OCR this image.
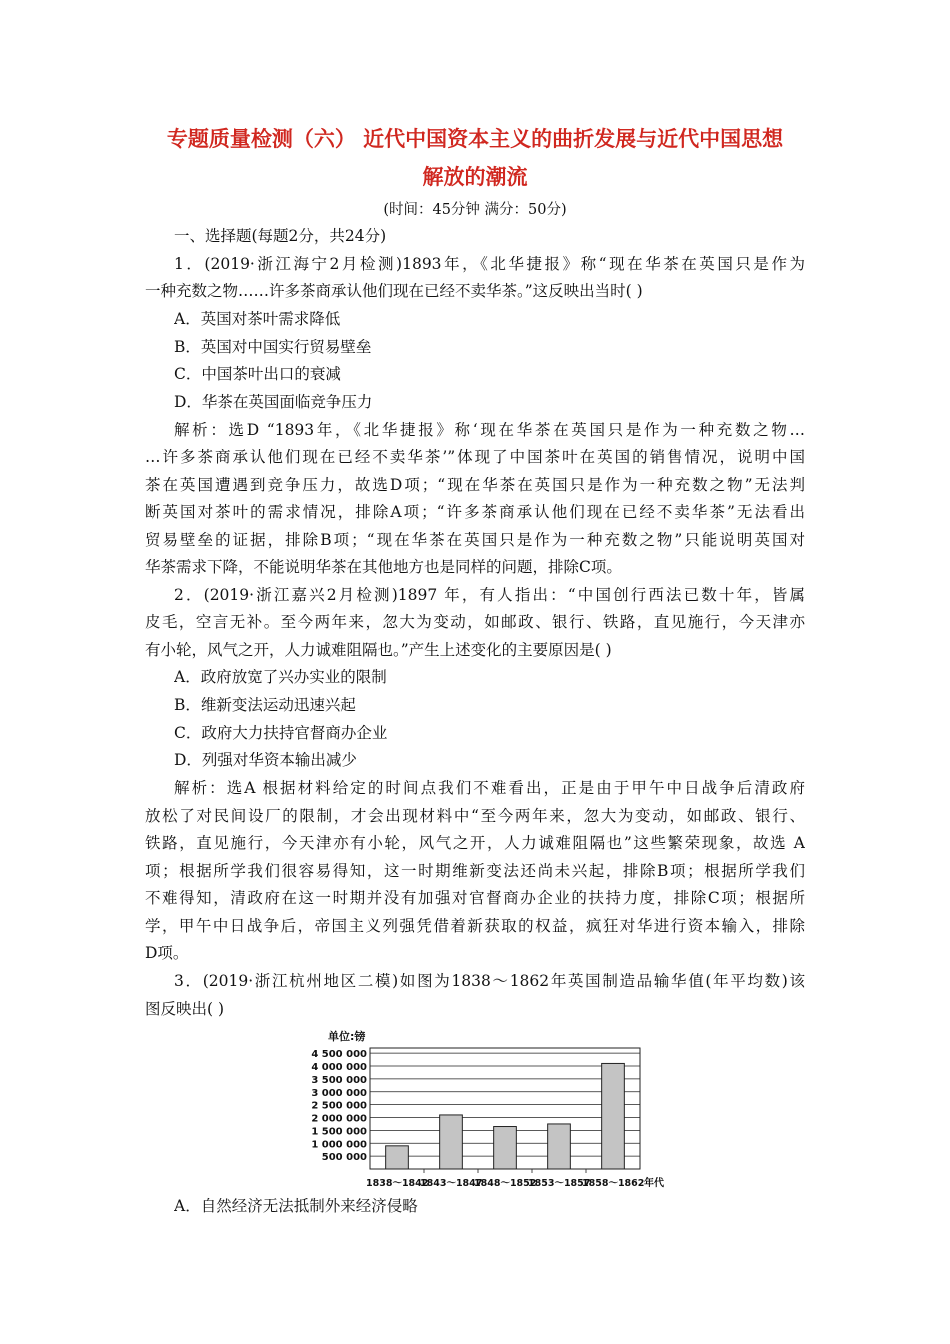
专题质量检测（六） 近代中国资本主义的曲折发展与近代中国思想
解放的潮流
(时间：45分钟 满分：50分)
一、选择题(每题2分，共24分)
1．(2019·浙江海宁2月检测)1893年，《北华捷报》称“现在华茶在英国只是作为
一种充数之物……许多茶商承认他们现在已经不卖华茶。”这反映出当时( )
A．英国对茶叶需求降低
B．英国对中国实行贸易壁垒
C．中国茶叶出口的衰减
D．华茶在英国面临竞争压力
解析：选D “1893年，《北华捷报》称‘现在华茶在英国只是作为一种充数之物…
…许多茶商承认他们现在已经不卖华茶’”体现了中国茶叶在英国的销售情况，说明中国
茶在英国遭遇到竞争压力，故选D项；“现在华茶在英国只是作为一种充数之物”无法判
断英国对茶叶的需求情况，排除A项；“许多茶商承认他们现在已经不卖华茶”无法看出
贸易壁垒的证据，排除B项；“现在华茶在英国只是作为一种充数之物”只能说明英国对
华茶需求下降，不能说明华茶在其他地方也是同样的问题，排除C项。
2．(2019·浙江嘉兴2月检测)1897 年，有人指出：“中国创行西法已数十年，皆属
皮毛，空言无补。至今两年来，忽大为变动，如邮政、银行、铁路，直见施行，今天津亦
有小轮，风气之开，人力诚难阻隔也。”产生上述变化的主要原因是( )
A．政府放宽了兴办实业的限制
B．维新变法运动迅速兴起
C．政府大力扶持官督商办企业
D．列强对华资本输出减少
解析：选A 根据材料给定的时间点我们不难看出，正是由于甲午中日战争后清政府
放松了对民间设厂的限制，才会出现材料中“至今两年来，忽大为变动，如邮政、银行、
铁路，直见施行，今天津亦有小轮，风气之开，人力诚难阻隔也”这些繁荣现象，故选 A
项；根据所学我们很容易得知，这一时期维新变法还尚未兴起，排除B项；根据所学我们
不难得知，清政府在这一时期并没有加强对官督商办企业的扶持力度，排除C项；根据所
学，甲午中日战争后，帝国主义列强凭借着新获取的权益，疯狂对华进行资本输入，排除
D项。
3．(2019·浙江杭州地区二模)如图为1838～1862年英国制造品输华值(年平均数)该
图反映出( )
单位:镑
500 000
1 000 000
1 500 000
2 000 000
2 500 000
3 000 000
3 500 000
4 000 000
4 500 000
1838～1842
1843～1847
1848～1852
1853～1857
1858～1862 年代
A．自然经济无法抵制外来经济侵略
